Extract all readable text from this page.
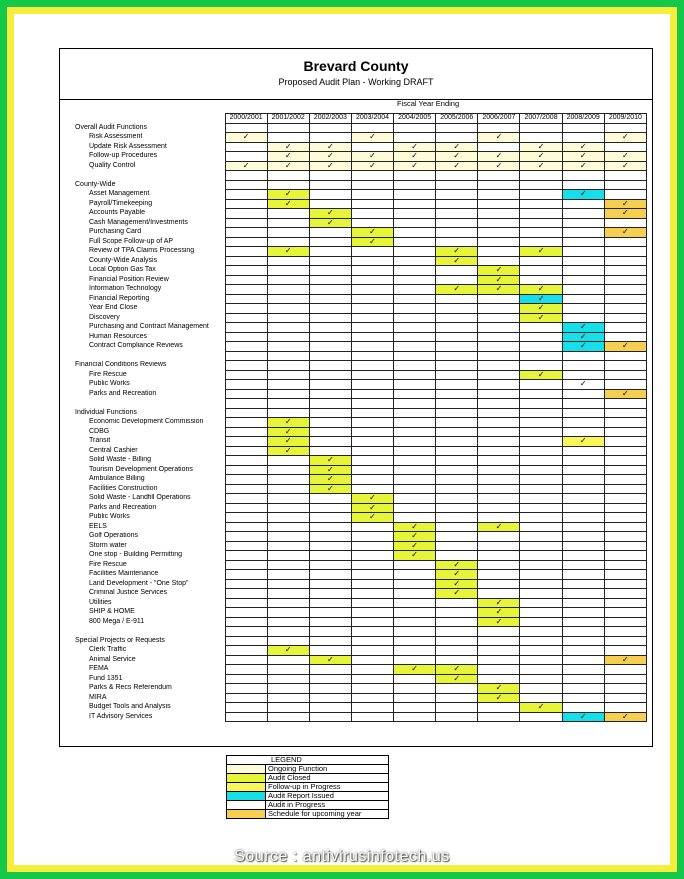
Brevard County
Proposed Audit Plan - Working DRAFT
Fiscal Year Ending
	2000/2001	2001/2002	2002/2003	2003/2004	2004/2005	2005/2006	2006/2007	2007/2008	2008/2009	2009/2010
Overall Audit Functions										
Risk Assessment	✓			✓			✓			✓
Update Risk Assessment		✓	✓		✓	✓		✓	✓	
Follow-up Procedures		✓	✓	✓	✓	✓	✓	✓	✓	✓
Quality Control	✓	✓	✓	✓	✓	✓	✓	✓	✓	✓

County-Wide										
Asset Management		✓							✓	
Payroll/Timekeeping		✓								✓
Accounts Payable			✓							✓
Cash Management/Investments			✓							
Purchasing Card				✓						✓
Full Scope Follow-up of AP				✓						
Review of TPA Claims Processing		✓				✓		✓		
County-Wide Analysis						✓				
Local Option Gas Tax							✓			
Financial Position Review							✓			
Information Technology						✓	✓	✓		
Financial Reporting								✓		
Year End Close								✓		
Discovery								✓		
Purchasing and Contract Management									✓	
Human Resources									✓	
Contract Compliance Reviews									✓	✓

Financial Conditions Reviews										
Fire Rescue								✓		
Public Works									✓	
Parks and Recreation										✓

Individual Functions										
Economic Development Commission		✓								
CDBG		✓								
Transit		✓							✓	
Central Cashier		✓								
Solid Waste - Billing			✓							
Tourism Development Operations			✓							
Ambulance Billing			✓							
Facilities Construction			✓							
Solid Waste - Landfill Operations				✓						
Parks and Recreation				✓						
Public Works				✓						
EELS					✓		✓			
Golf Operations					✓					
Storm water					✓					
One stop - Building Permitting					✓					
Fire Rescue						✓				
Facilities Maintenance						✓				
Land Development - "One Stop"						✓				
Criminal Justice Services						✓				
Utilities							✓			
SHIP & HOME							✓			
800 Mega / E-911							✓			

Special Projects or Requests										
Clerk Traffic		✓								
Animal Service			✓							✓
FEMA					✓	✓				
Fund 1351						✓				
Parks & Recs Referendum							✓			
MIRA							✓			
Budget Tools and Analysis								✓		
IT Advisory Services									✓	✓
LEGEND	
	Ongoing Function
	Audit Closed
	Follow-up in Progress
	Audit Report Issued
	Audit in Progress
	Schedule for upcoming year
Source : antivirusinfotech.us
